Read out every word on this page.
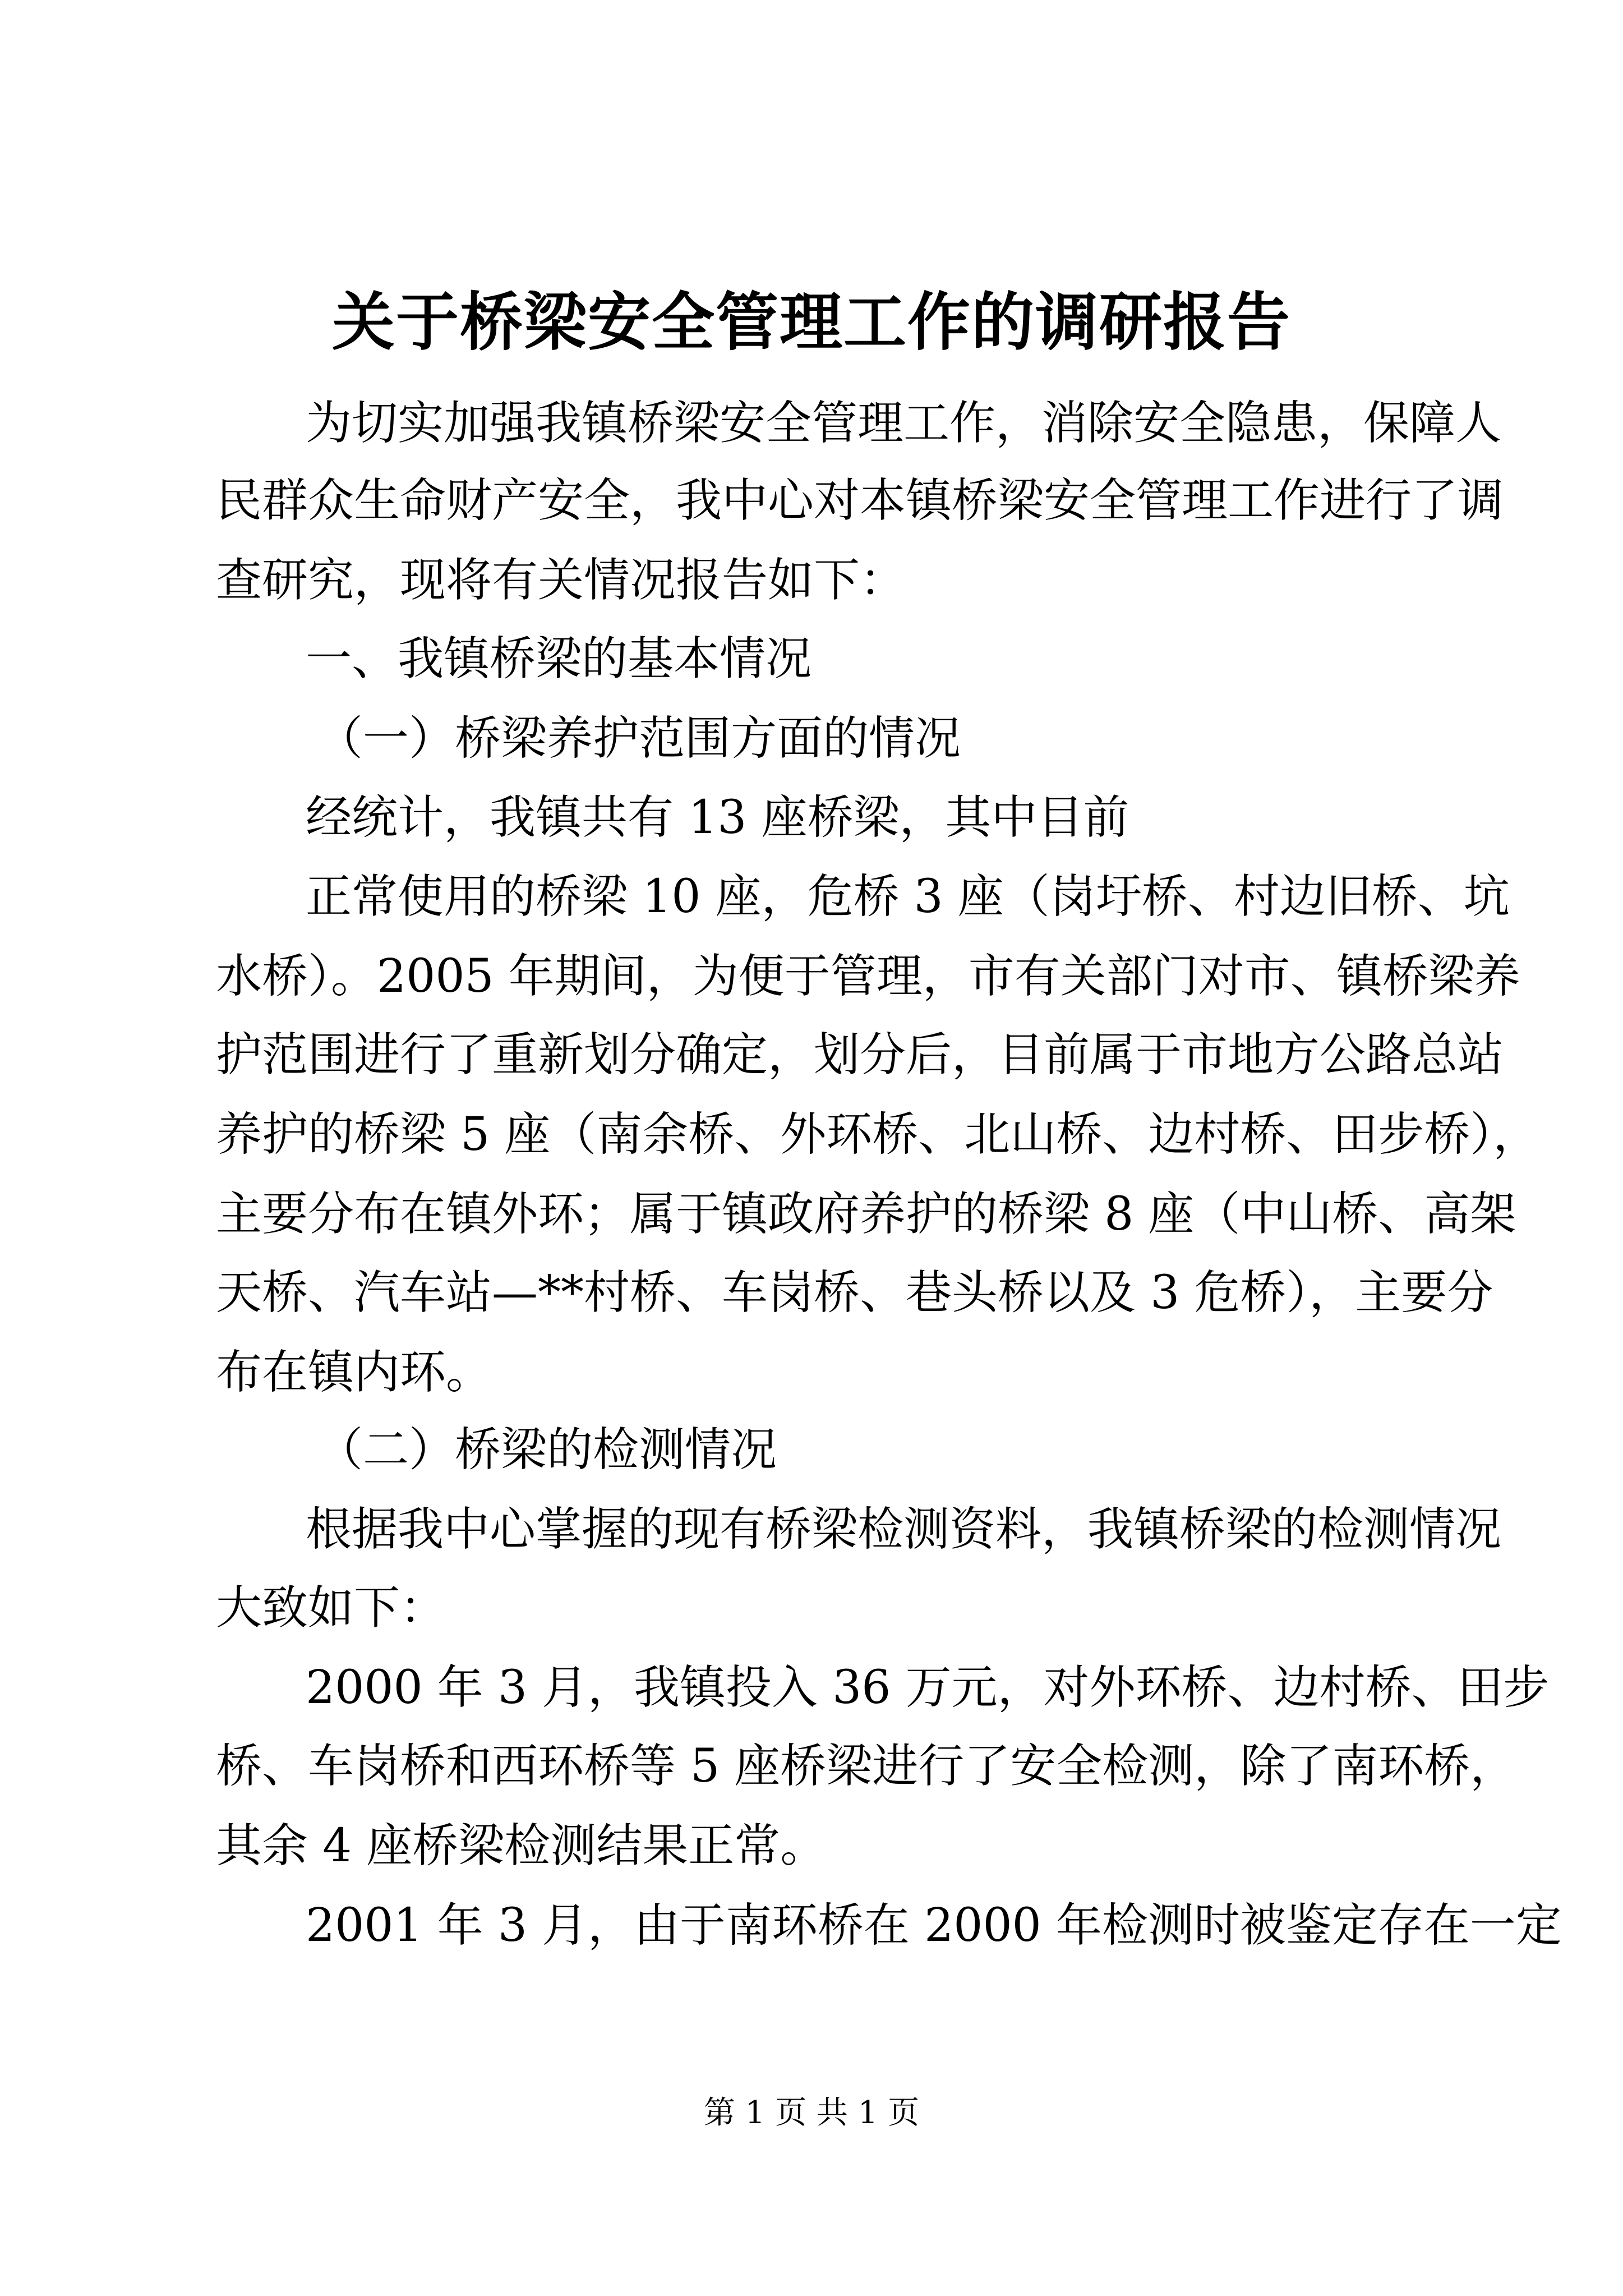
关于桥梁安全管理工作的调研报告
为切实加强我镇桥梁安全管理工作，消除安全隐患，保障人
民群众生命财产安全，我中心对本镇桥梁安全管理工作进行了调
查研究，现将有关情况报告如下：
一、我镇桥梁的基本情况
（一）桥梁养护范围方面的情况
经统计，我镇共有 13 座桥梁，其中目前
正常使用的桥梁 10 座，危桥 3 座（岗圩桥、村边旧桥、坑
水桥）。2005 年期间，为便于管理，市有关部门对市、镇桥梁养
护范围进行了重新划分确定，划分后，目前属于市地方公路总站
养护的桥梁 5 座（南余桥、外环桥、北山桥、边村桥、田步桥），
主要分布在镇外环；属于镇政府养护的桥梁 8 座（中山桥、高架
天桥、汽车站—**村桥、车岗桥、巷头桥以及 3 危桥），主要分
布在镇内环。
（二）桥梁的检测情况
根据我中心掌握的现有桥梁检测资料，我镇桥梁的检测情况
大致如下：
2000 年 3 月，我镇投入 36 万元，对外环桥、边村桥、田步
桥、车岗桥和西环桥等 5 座桥梁进行了安全检测，除了南环桥，
其余 4 座桥梁检测结果正常。
2001 年 3 月，由于南环桥在 2000 年检测时被鉴定存在一定
第 1 页 共 1 页
